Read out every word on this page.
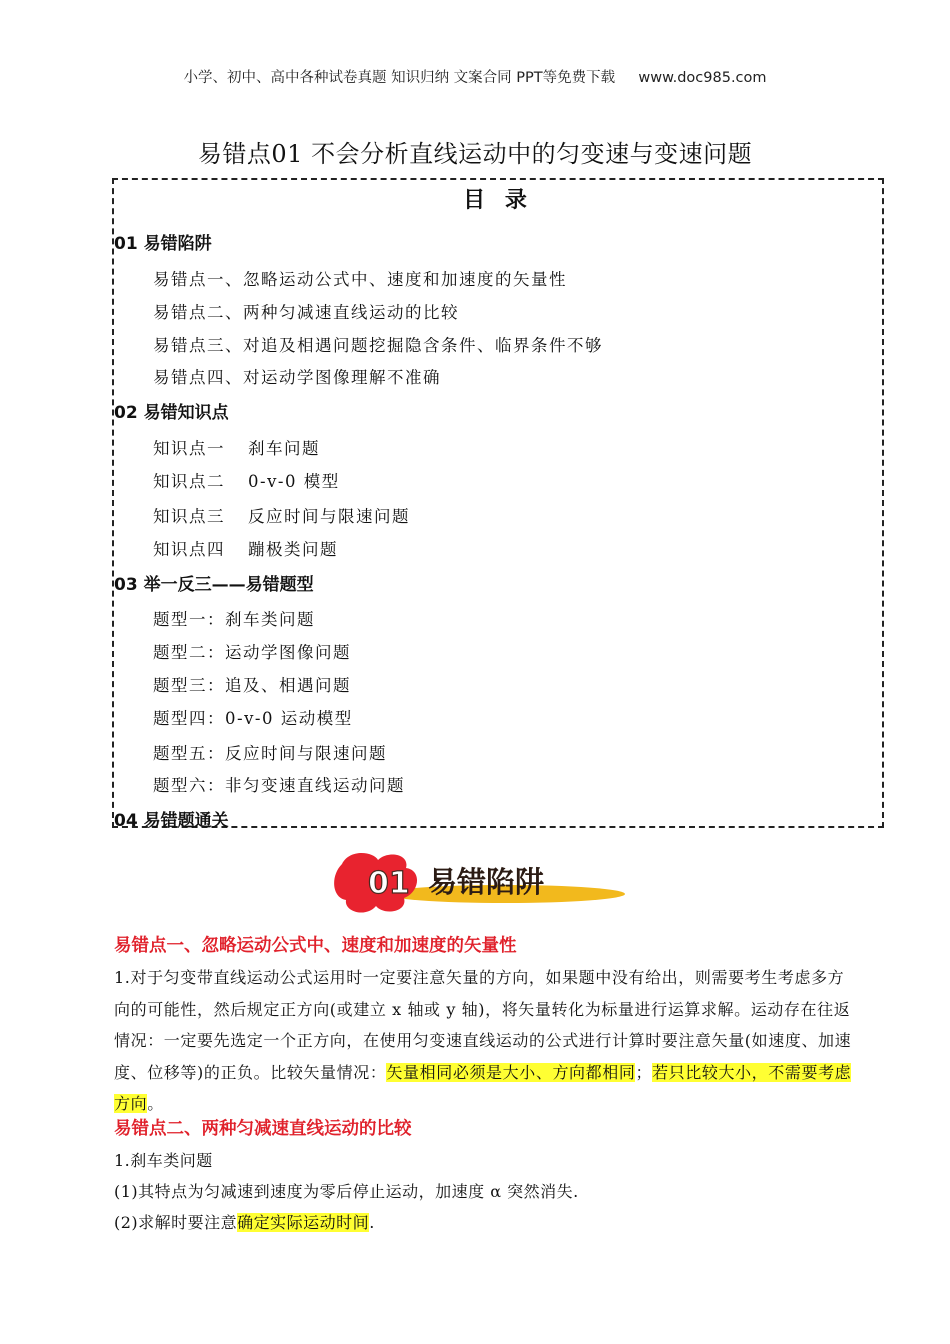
小学、初中、高中各种试卷真题 知识归纳 文案合同 PPT等免费下载 www.doc985.com
易错点01 不会分析直线运动中的匀变速与变速问题
目 录
01 易错陷阱
易错点一、忽略运动公式中、速度和加速度的矢量性
易错点二、两种匀减速直线运动的比较
易错点三、对追及相遇问题挖掘隐含条件、临界条件不够
易错点四、对运动学图像理解不准确
02 易错知识点
知识点一 刹车问题
知识点二 0-v-0 模型
知识点三 反应时间与限速问题
知识点四 蹦极类问题
03 举一反三——易错题型
题型一：刹车类问题
题型二：运动学图像问题
题型三：追及、相遇问题
题型四：0-v-0 运动模型
题型五：反应时间与限速问题
题型六：非匀变速直线运动问题
04 易错题通关
01 易错陷阱
易错点一、忽略运动公式中、速度和加速度的矢量性

1.对于匀变带直线运动公式运用时一定要注意矢量的方向，如果题中没有给出，则需要考生考虑多方向的可能性，然后规定正方向(或建立 x 轴或 y 轴)，将矢量转化为标量进行运算求解。运动存在往返情况：一定要先选定一个正方向，在使用匀变速直线运动的公式进行计算时要注意矢量(如速度、加速度、位移等)的正负。比较矢量情况：矢量相同必须是大小、方向都相同；若只比较大小，不需要考虑方向。

易错点二、两种匀减速直线运动的比较
1.刹车类问题
(1)其特点为匀减速到速度为零后停止运动，加速度 α 突然消失.
(2)求解时要注意确定实际运动时间.
